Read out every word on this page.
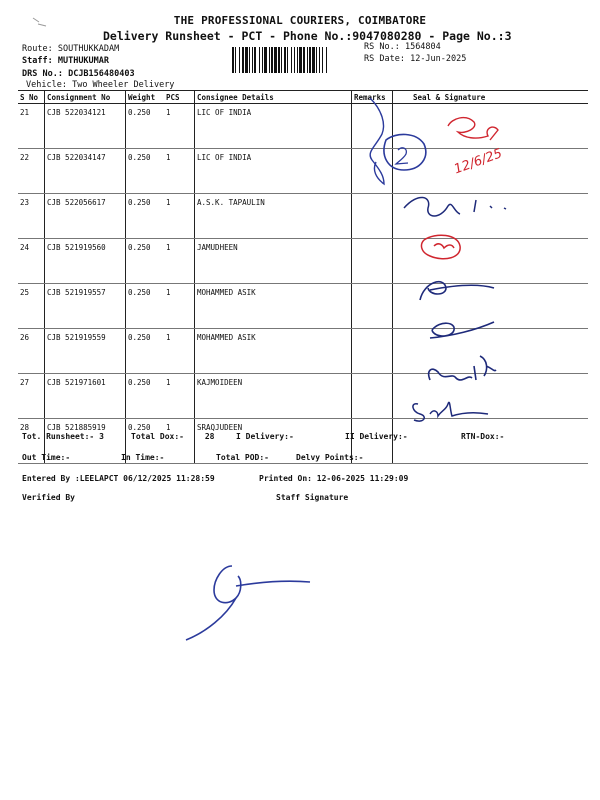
THE PROFESSIONAL COURIERS, COIMBATORE
Delivery Runsheet - PCT - Phone No.:9047080280 - Page No.:3
Route: SOUTHUKKADAM
Staff: MUTHUKUMAR
DRS No.: DCJB156480403
Vehicle: Two Wheeler Delivery
RS No.: 1564804
RS Date: 12-Jun-2025
S No	Consignment No	Weight	PCS	Consignee Details	Remarks	Seal & Signature
21	CJB 522034121	0.250	1	LIC OF INDIA		
22	CJB 522034147	0.250	1	LIC OF INDIA		
23	CJB 522056617	0.250	1	A.S.K. TAPAULIN		
24	CJB 521919560	0.250	1	JAMUDHEEN		
25	CJB 521919557	0.250	1	MOHAMMED ASIK		
26	CJB 521919559	0.250	1	MOHAMMED ASIK		
27	CJB 521971601	0.250	1	KAJMOIDEEN		
28	CJB 521885919	0.250	1	SRAQJUDEEN		
Tot. Runsheet:- 3	Total Dox:-	28	I Delivery:-	II Delivery:-	RTN-Dox:-
Out Time:-	In Time:-	Total POD:-	Delvy Points:-
Entered By :LEELAPCT 06/12/2025 11:28:59	Printed On: 12-06-2025 11:29:09
Verified By	Staff Signature
12/6/25
